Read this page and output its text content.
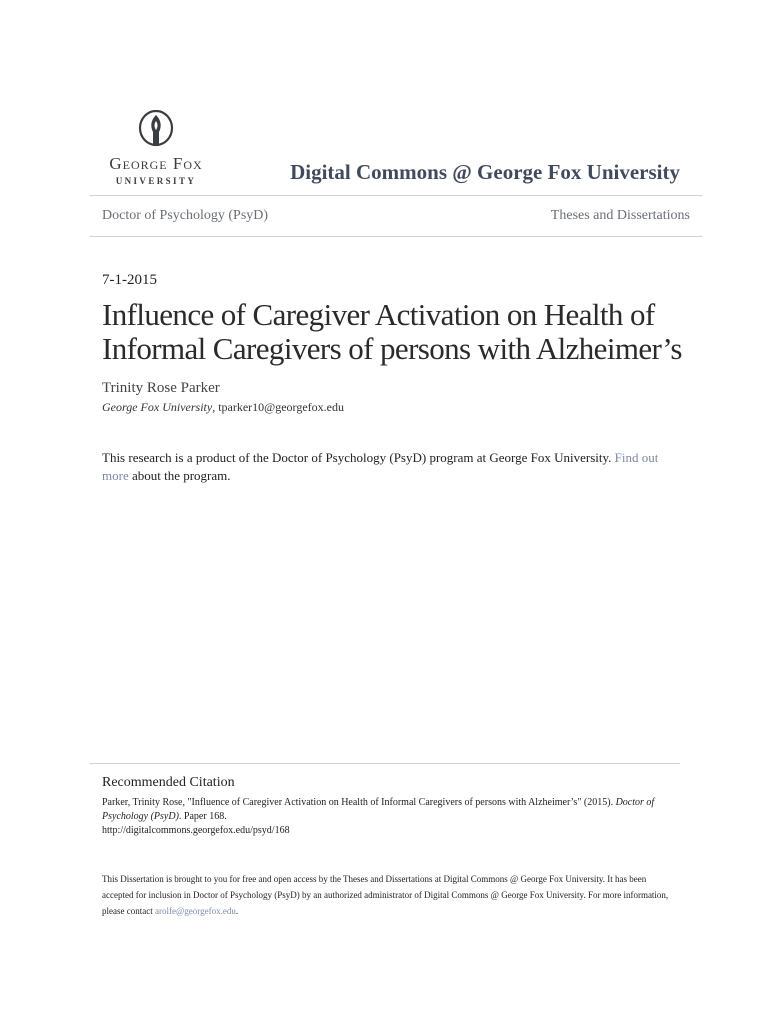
George Fox
UNIVERSITY	Digital Commons @ George Fox University
Doctor of Psychology (PsyD)	Theses and Dissertations
7-1-2015
Influence of Caregiver Activation on Health of
Informal Caregivers of persons with Alzheimer’s
Trinity Rose Parker
George Fox University, tparker10@georgefox.edu
This research is a product of the Doctor of Psychology (PsyD) program at George Fox University. Find out more about the program.
Recommended Citation
Parker, Trinity Rose, "Influence of Caregiver Activation on Health of Informal Caregivers of persons with Alzheimer’s" (2015). Doctor of Psychology (PsyD). Paper 168.
http://digitalcommons.georgefox.edu/psyd/168
This Dissertation is brought to you for free and open access by the Theses and Dissertations at Digital Commons @ George Fox University. It has been accepted for inclusion in Doctor of Psychology (PsyD) by an authorized administrator of Digital Commons @ George Fox University. For more information, please contact arolfe@georgefox.edu.
